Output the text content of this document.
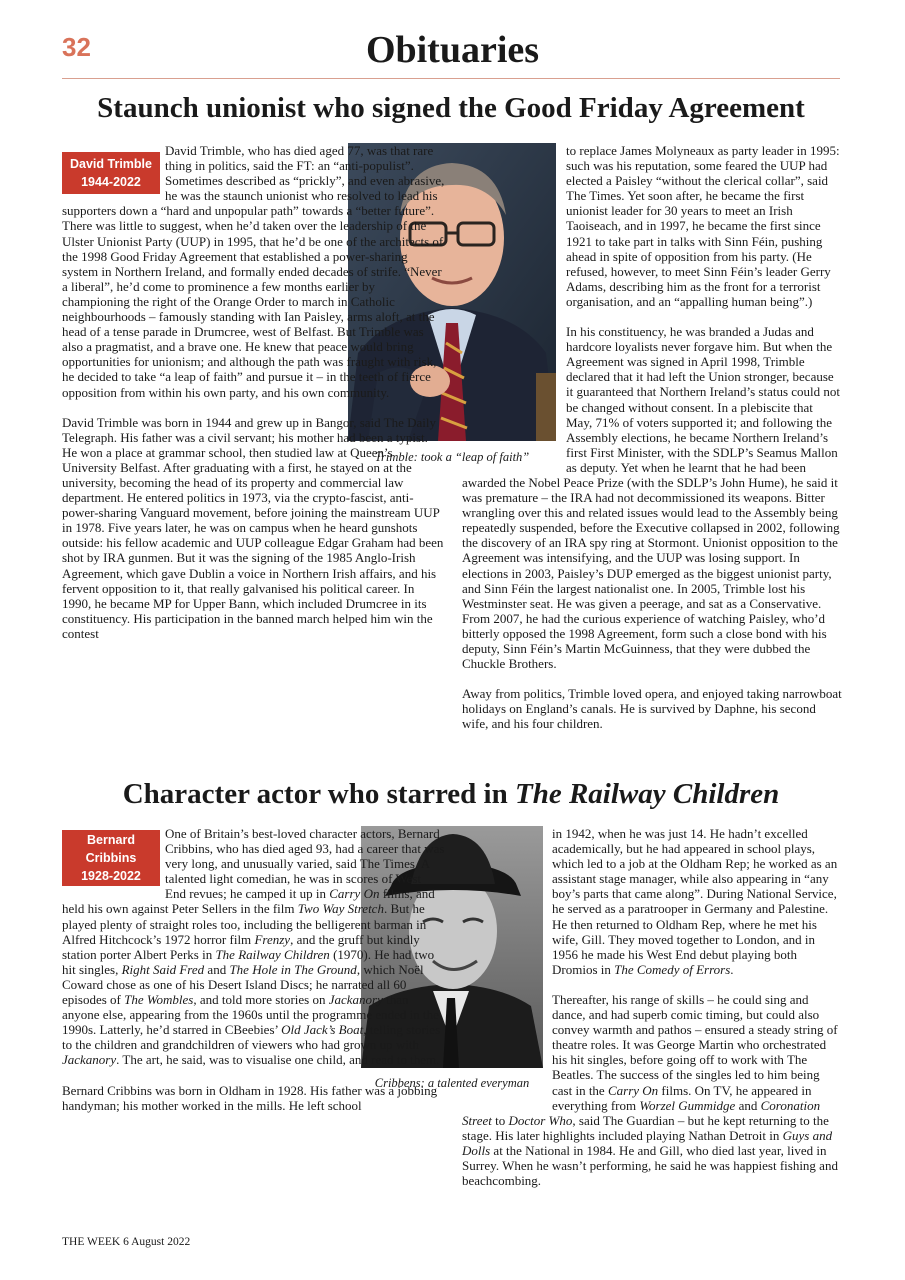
32	Obituaries
Staunch unionist who signed the Good Friday Agreement
David Trimble
1944-2022
Trimble: took a “leap of faith”

David Trimble, who has died aged 77, was that rare thing in politics, said the FT: an “anti-populist”. Sometimes described as “prickly”, and even abrasive, he was the staunch unionist who resolved to lead his supporters down a “hard and unpopular path” towards a “better future”. There was little to suggest, when he’d taken over the leadership of the Ulster Unionist Party (UUP) in 1995, that he’d be one of the architects of the 1998 Good Friday Agreement that established a power-sharing system in Northern Ireland, and formally ended decades of strife. “Never a liberal”, he’d come to prominence a few months earlier by championing the right of the Orange Order to march in Catholic neighbourhoods – famously standing with Ian Paisley, arms aloft, at the head of a tense parade in Drumcree, west of Belfast. But Trimble was also a pragmatist, and a brave one. He knew that peace would bring opportunities for unionism; and although the path was fraught with risk, he decided to take “a leap of faith” and pursue it – in the teeth of fierce opposition from within his own party, and his own community.

David Trimble was born in 1944 and grew up in Bangor, said The Daily Telegraph. His father was a civil servant; his mother had been a typist. He won a place at grammar school, then studied law at Queen’s University Belfast. After graduating with a first, he stayed on at the university, becoming the head of its property and commercial law department. He entered politics in 1973, via the crypto-fascist, anti-power-sharing Vanguard movement, before joining the mainstream UUP in 1978. Five years later, he was on campus when he heard gunshots outside: his fellow academic and UUP colleague Edgar Graham had been shot by IRA gunmen. But it was the signing of the 1985 Anglo-Irish Agreement, which gave Dublin a voice in Northern Irish affairs, and his fervent opposition to it, that really galvanised his political career. In 1990, he became MP for Upper Bann, which included Drumcree in its constituency. His participation in the banned march helped him win the contest

to replace James Molyneaux as party leader in 1995: such was his reputation, some feared the UUP had elected a Paisley “without the clerical collar”, said The Times. Yet soon after, he became the first unionist leader for 30 years to meet an Irish Taoiseach, and in 1997, he became the first since 1921 to take part in talks with Sinn Féin, pushing ahead in spite of opposition from his party. (He refused, however, to meet Sinn Féin’s leader Gerry Adams, describing him as the front for a terrorist organisation, and an “appalling human being”.)

In his constituency, he was branded a Judas and hardcore loyalists never forgave him. But when the Agreement was signed in April 1998, Trimble declared that it had left the Union stronger, because it guaranteed that Northern Ireland’s status could not be changed without consent. In a plebiscite that May, 71% of voters supported it; and following the Assembly elections, he became Northern Ireland’s first First Minister, with the SDLP’s Seamus Mallon as deputy. Yet when he learnt that he had been awarded the Nobel Peace Prize (with the SDLP’s John Hume), he said it was premature – the IRA had not decommissioned its weapons. Bitter wrangling over this and related issues would lead to the Assembly being repeatedly suspended, before the Executive collapsed in 2002, following the discovery of an IRA spy ring at Stormont. Unionist opposition to the Agreement was intensifying, and the UUP was losing support. In elections in 2003, Paisley’s DUP emerged as the biggest unionist party, and Sinn Féin the largest nationalist one. In 2005, Trimble lost his Westminster seat. He was given a peerage, and sat as a Conservative. From 2007, he had the curious experience of watching Paisley, who’d bitterly opposed the 1998 Agreement, form such a close bond with his deputy, Sinn Féin’s Martin McGuinness, that they were dubbed the Chuckle Brothers.

Away from politics, Trimble loved opera, and enjoyed taking narrowboat holidays on England’s canals. He is survived by Daphne, his second wife, and his four children.

Character actor who starred in The Railway Children
Bernard
Cribbins
1928-2022
Cribbens: a talented everyman

One of Britain’s best-loved character actors, Bernard Cribbins, who has died aged 93, had a career that was very long, and unusually varied, said The Times. A talented light comedian, he was in scores of West End revues; he camped it up in Carry On films, and held his own against Peter Sellers in the film Two Way Stretch. But he played plenty of straight roles too, including the belligerent barman in Alfred Hitchcock’s 1972 horror film Frenzy, and the gruff but kindly station porter Albert Perks in The Railway Children (1970). He had two hit singles, Right Said Fred and The Hole in The Ground, which Noël Coward chose as one of his Desert Island Discs; he narrated all 60 episodes of The Wombles, and told more stories on Jackanory than anyone else, appearing from the 1960s until the programme ended in the 1990s. Latterly, he’d starred in CBeebies’ Old Jack’s Boat, telling stories to the children and grandchildren of viewers who had grown up with Jackanory. The art, he said, was to visualise one child, and read to them.

Bernard Cribbins was born in Oldham in 1928. His father was a jobbing handyman; his mother worked in the mills. He left school

in 1942, when he was just 14. He hadn’t excelled academically, but he had appeared in school plays, which led to a job at the Oldham Rep; he worked as an assistant stage manager, while also appearing in “any boy’s parts that came along”. During National Service, he served as a paratrooper in Germany and Palestine. He then returned to Oldham Rep, where he met his wife, Gill. They moved together to London, and in 1956 he made his West End debut playing both Dromios in The Comedy of Errors.

Thereafter, his range of skills – he could sing and dance, and had superb comic timing, but could also convey warmth and pathos – ensured a steady string of theatre roles. It was George Martin who orchestrated his hit singles, before going off to work with The Beatles. The success of the singles led to him being cast in the Carry On films. On TV, he appeared in everything from Worzel Gummidge and Coronation Street to Doctor Who, said The Guardian – but he kept returning to the stage. His later highlights included playing Nathan Detroit in Guys and Dolls at the National in 1984. He and Gill, who died last year, lived in Surrey. When he wasn’t performing, he said he was happiest fishing and beachcombing.

THE WEEK 6 August 2022
